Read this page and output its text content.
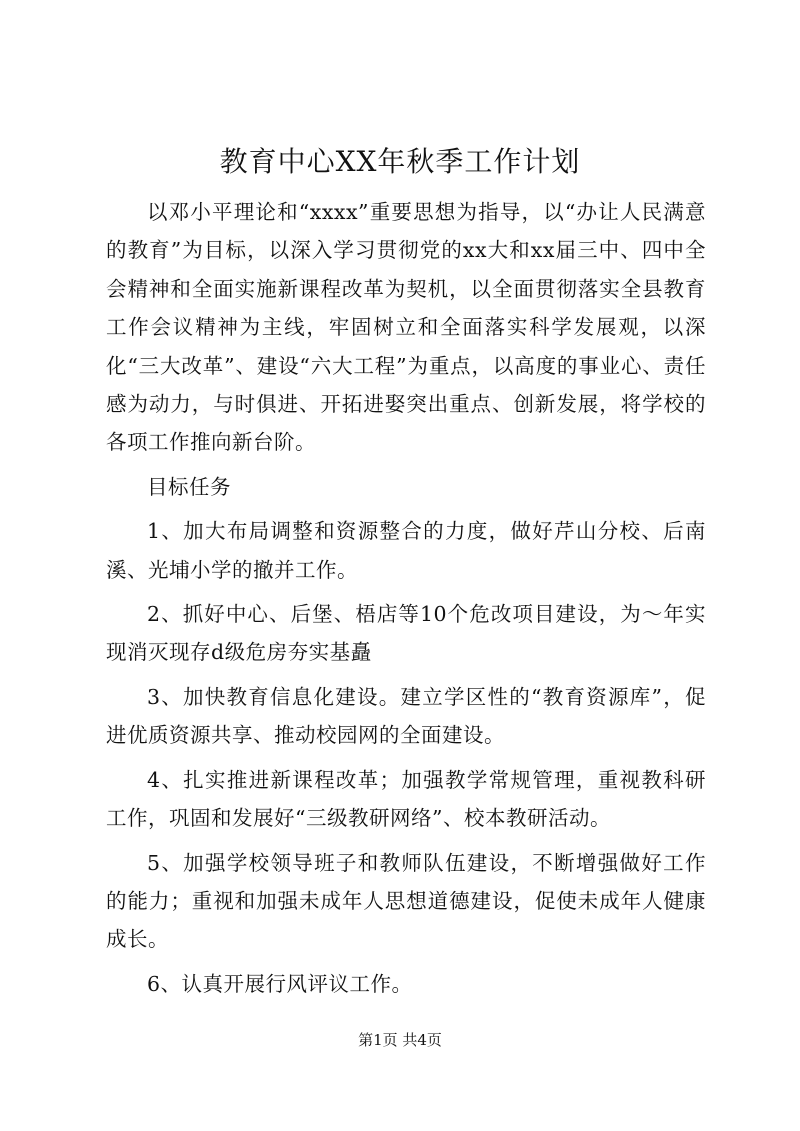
教育中心XX年秋季工作计划

以邓小平理论和“xxxx”重要思想为指导，以“办让人民满意的教育”为目标，以深入学习贯彻党的xx大和xx届三中、四中全会精神和全面实施新课程改革为契机，以全面贯彻落实全县教育工作会议精神为主线，牢固树立和全面落实科学发展观，以深化“三大改革”、建设“六大工程”为重点，以高度的事业心、责任感为动力，与时俱进、开拓进娶突出重点、创新发展，将学校的各项工作推向新台阶。

目标任务

1、加大布局调整和资源整合的力度，做好芹山分校、后南溪、光埔小学的撤并工作。

2、抓好中心、后堡、梧店等10个危改项目建设，为～年实现消灭现存d级危房夯实基矗

3、加快教育信息化建设。建立学区性的“教育资源库”，促进优质资源共享、推动校园网的全面建设。

4、扎实推进新课程改革；加强教学常规管理，重视教科研工作，巩固和发展好“三级教研网络”、校本教研活动。

5、加强学校领导班子和教师队伍建设，不断增强做好工作的能力；重视和加强未成年人思想道德建设，促使未成年人健康成长。

6、认真开展行风评议工作。

第1页 共4页
